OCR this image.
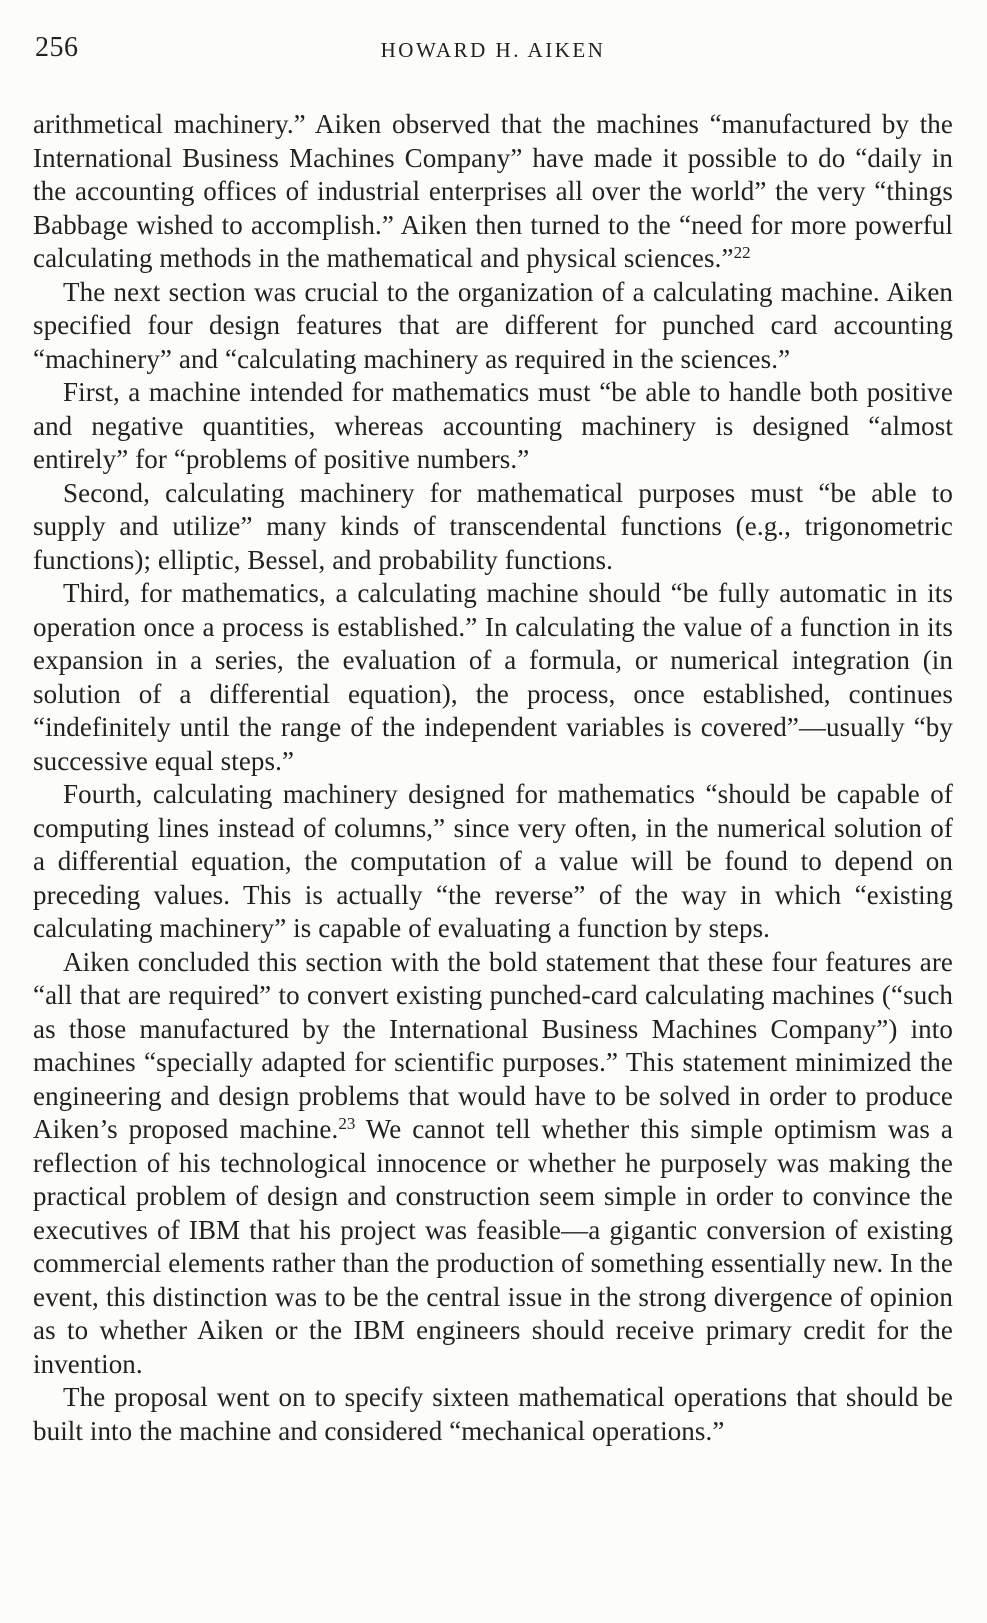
256	HOWARD H. AIKEN

arithmetical machinery.” Aiken observed that the machines “manufactured by the International Business Machines Company” have made it possible to do “daily in the accounting offices of industrial enterprises all over the world” the very “things Babbage wished to accomplish.” Aiken then turned to the “need for more powerful calculating methods in the mathematical and physical sciences.”$^{22}$

The next section was crucial to the organization of a calculating machine. Aiken specified four design features that are different for punched card accounting “machinery” and “calculating machinery as required in the sciences.”

First, a machine intended for mathematics must “be able to handle both positive and negative quantities, whereas accounting machinery is designed “almost entirely” for “problems of positive numbers.”

Second, calculating machinery for mathematical purposes must “be able to supply and utilize” many kinds of transcendental functions (e.g., trigonometric functions); elliptic, Bessel, and probability functions.

Third, for mathematics, a calculating machine should “be fully automatic in its operation once a process is established.” In calculating the value of a function in its expansion in a series, the evaluation of a formula, or numerical integration (in solution of a differential equation), the process, once established, continues “indefinitely until the range of the independent variables is covered”—usually “by successive equal steps.”

Fourth, calculating machinery designed for mathematics “should be capable of computing lines instead of columns,” since very often, in the numerical solution of a differential equation, the computation of a value will be found to depend on preceding values. This is actually “the reverse” of the way in which “existing calculating machinery” is capable of evaluating a function by steps.

Aiken concluded this section with the bold statement that these four features are “all that are required” to convert existing punched-card calculating machines (“such as those manufactured by the International Business Machines Company”) into machines “specially adapted for scientific purposes.” This statement minimized the engineering and design problems that would have to be solved in order to produce Aiken’s proposed machine.$^{23}$ We cannot tell whether this simple optimism was a reflection of his technological innocence or whether he purposely was making the practical problem of design and construction seem simple in order to convince the executives of IBM that his project was feasible—a gigantic conversion of existing commercial elements rather than the production of something essentially new. In the event, this distinction was to be the central issue in the strong divergence of opinion as to whether Aiken or the IBM engineers should receive primary credit for the invention.

The proposal went on to specify sixteen mathematical operations that should be built into the machine and considered “mechanical operations.”
